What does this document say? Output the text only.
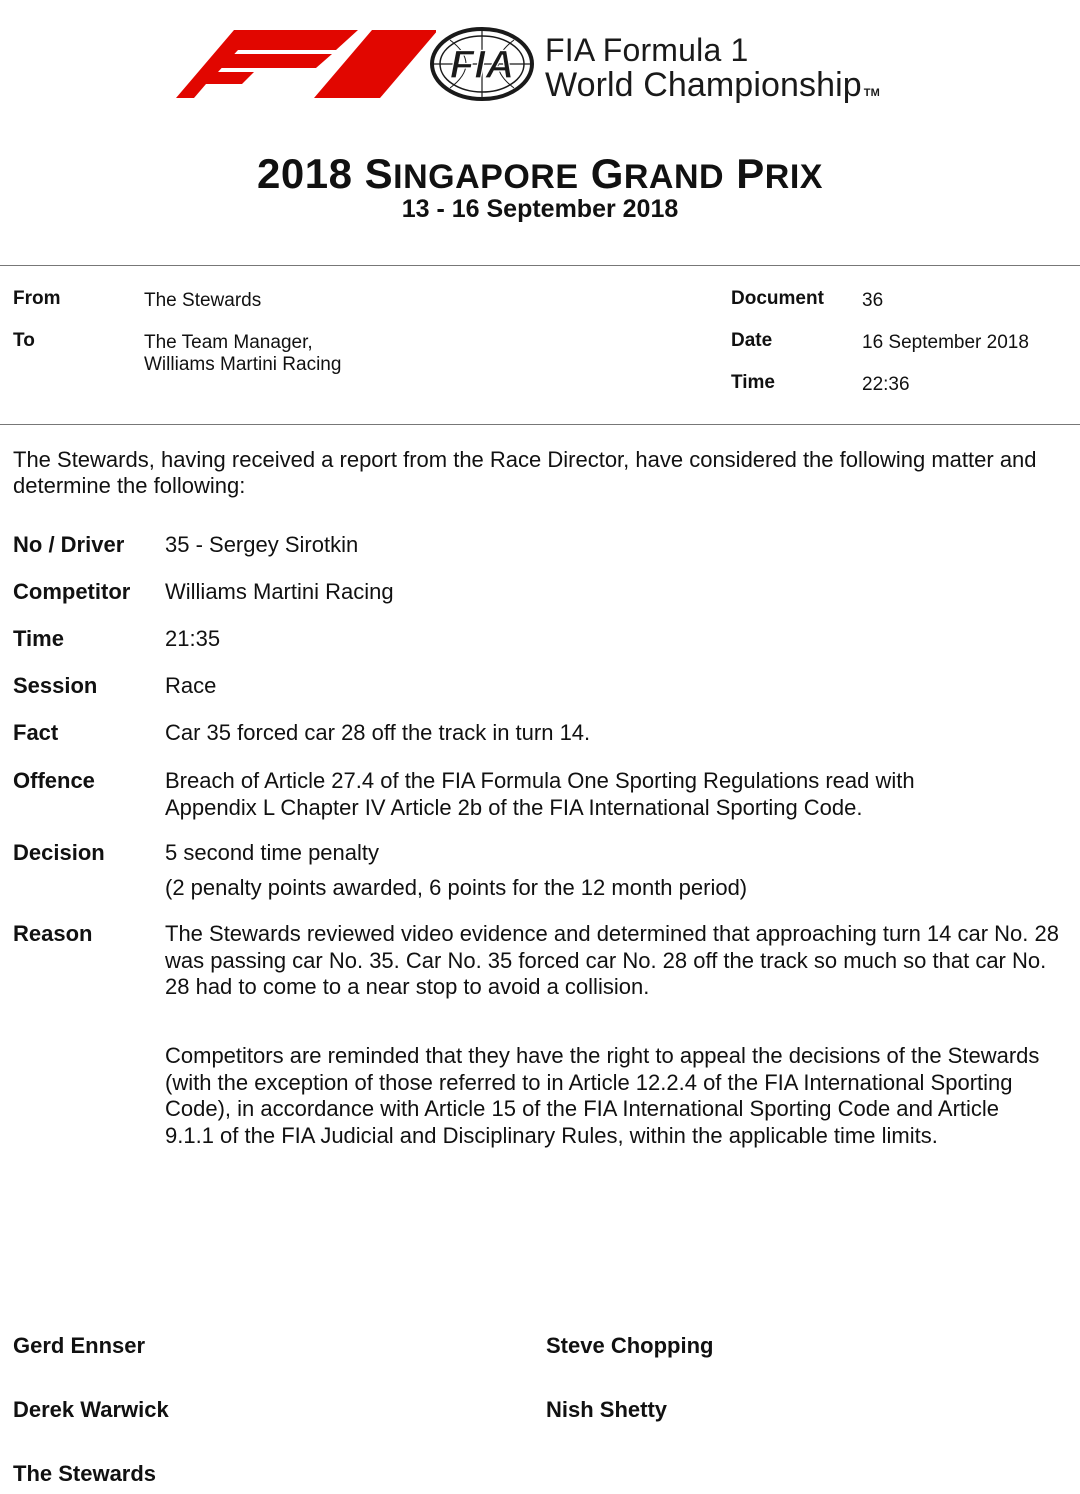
FIA FIA Formula 1
World Championship TM
2018 SINGAPORE GRAND PRIX
13 - 16 September 2018
From	The Stewards
To	The Team Manager,
Williams Martini Racing
Document 36
Date	16 September 2018
Time	22:36
The Stewards, having received a report from the Race Director, have considered the following matter and determine the following:
No / Driver 35 - Sergey Sirotkin
Competitor Williams Martini Racing
Time	21:35
Session	Race
Fact	Car 35 forced car 28 off the track in turn 14.
Offence	Breach of Article 27.4 of the FIA Formula One Sporting Regulations read with Appendix L Chapter IV Article 2b of the FIA International Sporting Code.
Decision	5 second time penalty
(2 penalty points awarded, 6 points for the 12 month period)
Reason	The Stewards reviewed video evidence and determined that approaching turn 14 car No. 28 was passing car No. 35. Car No. 35 forced car No. 28 off the track so much so that car No. 28 had to come to a near stop to avoid a collision.
Competitors are reminded that they have the right to appeal the decisions of the Stewards (with the exception of those referred to in Article 12.2.4 of the FIA International Sporting Code), in accordance with Article 15 of the FIA International Sporting Code and Article 9.1.1 of the FIA Judicial and Disciplinary Rules, within the applicable time limits.
Gerd Ennser	Steve Chopping
Derek Warwick	Nish Shetty
The Stewards
